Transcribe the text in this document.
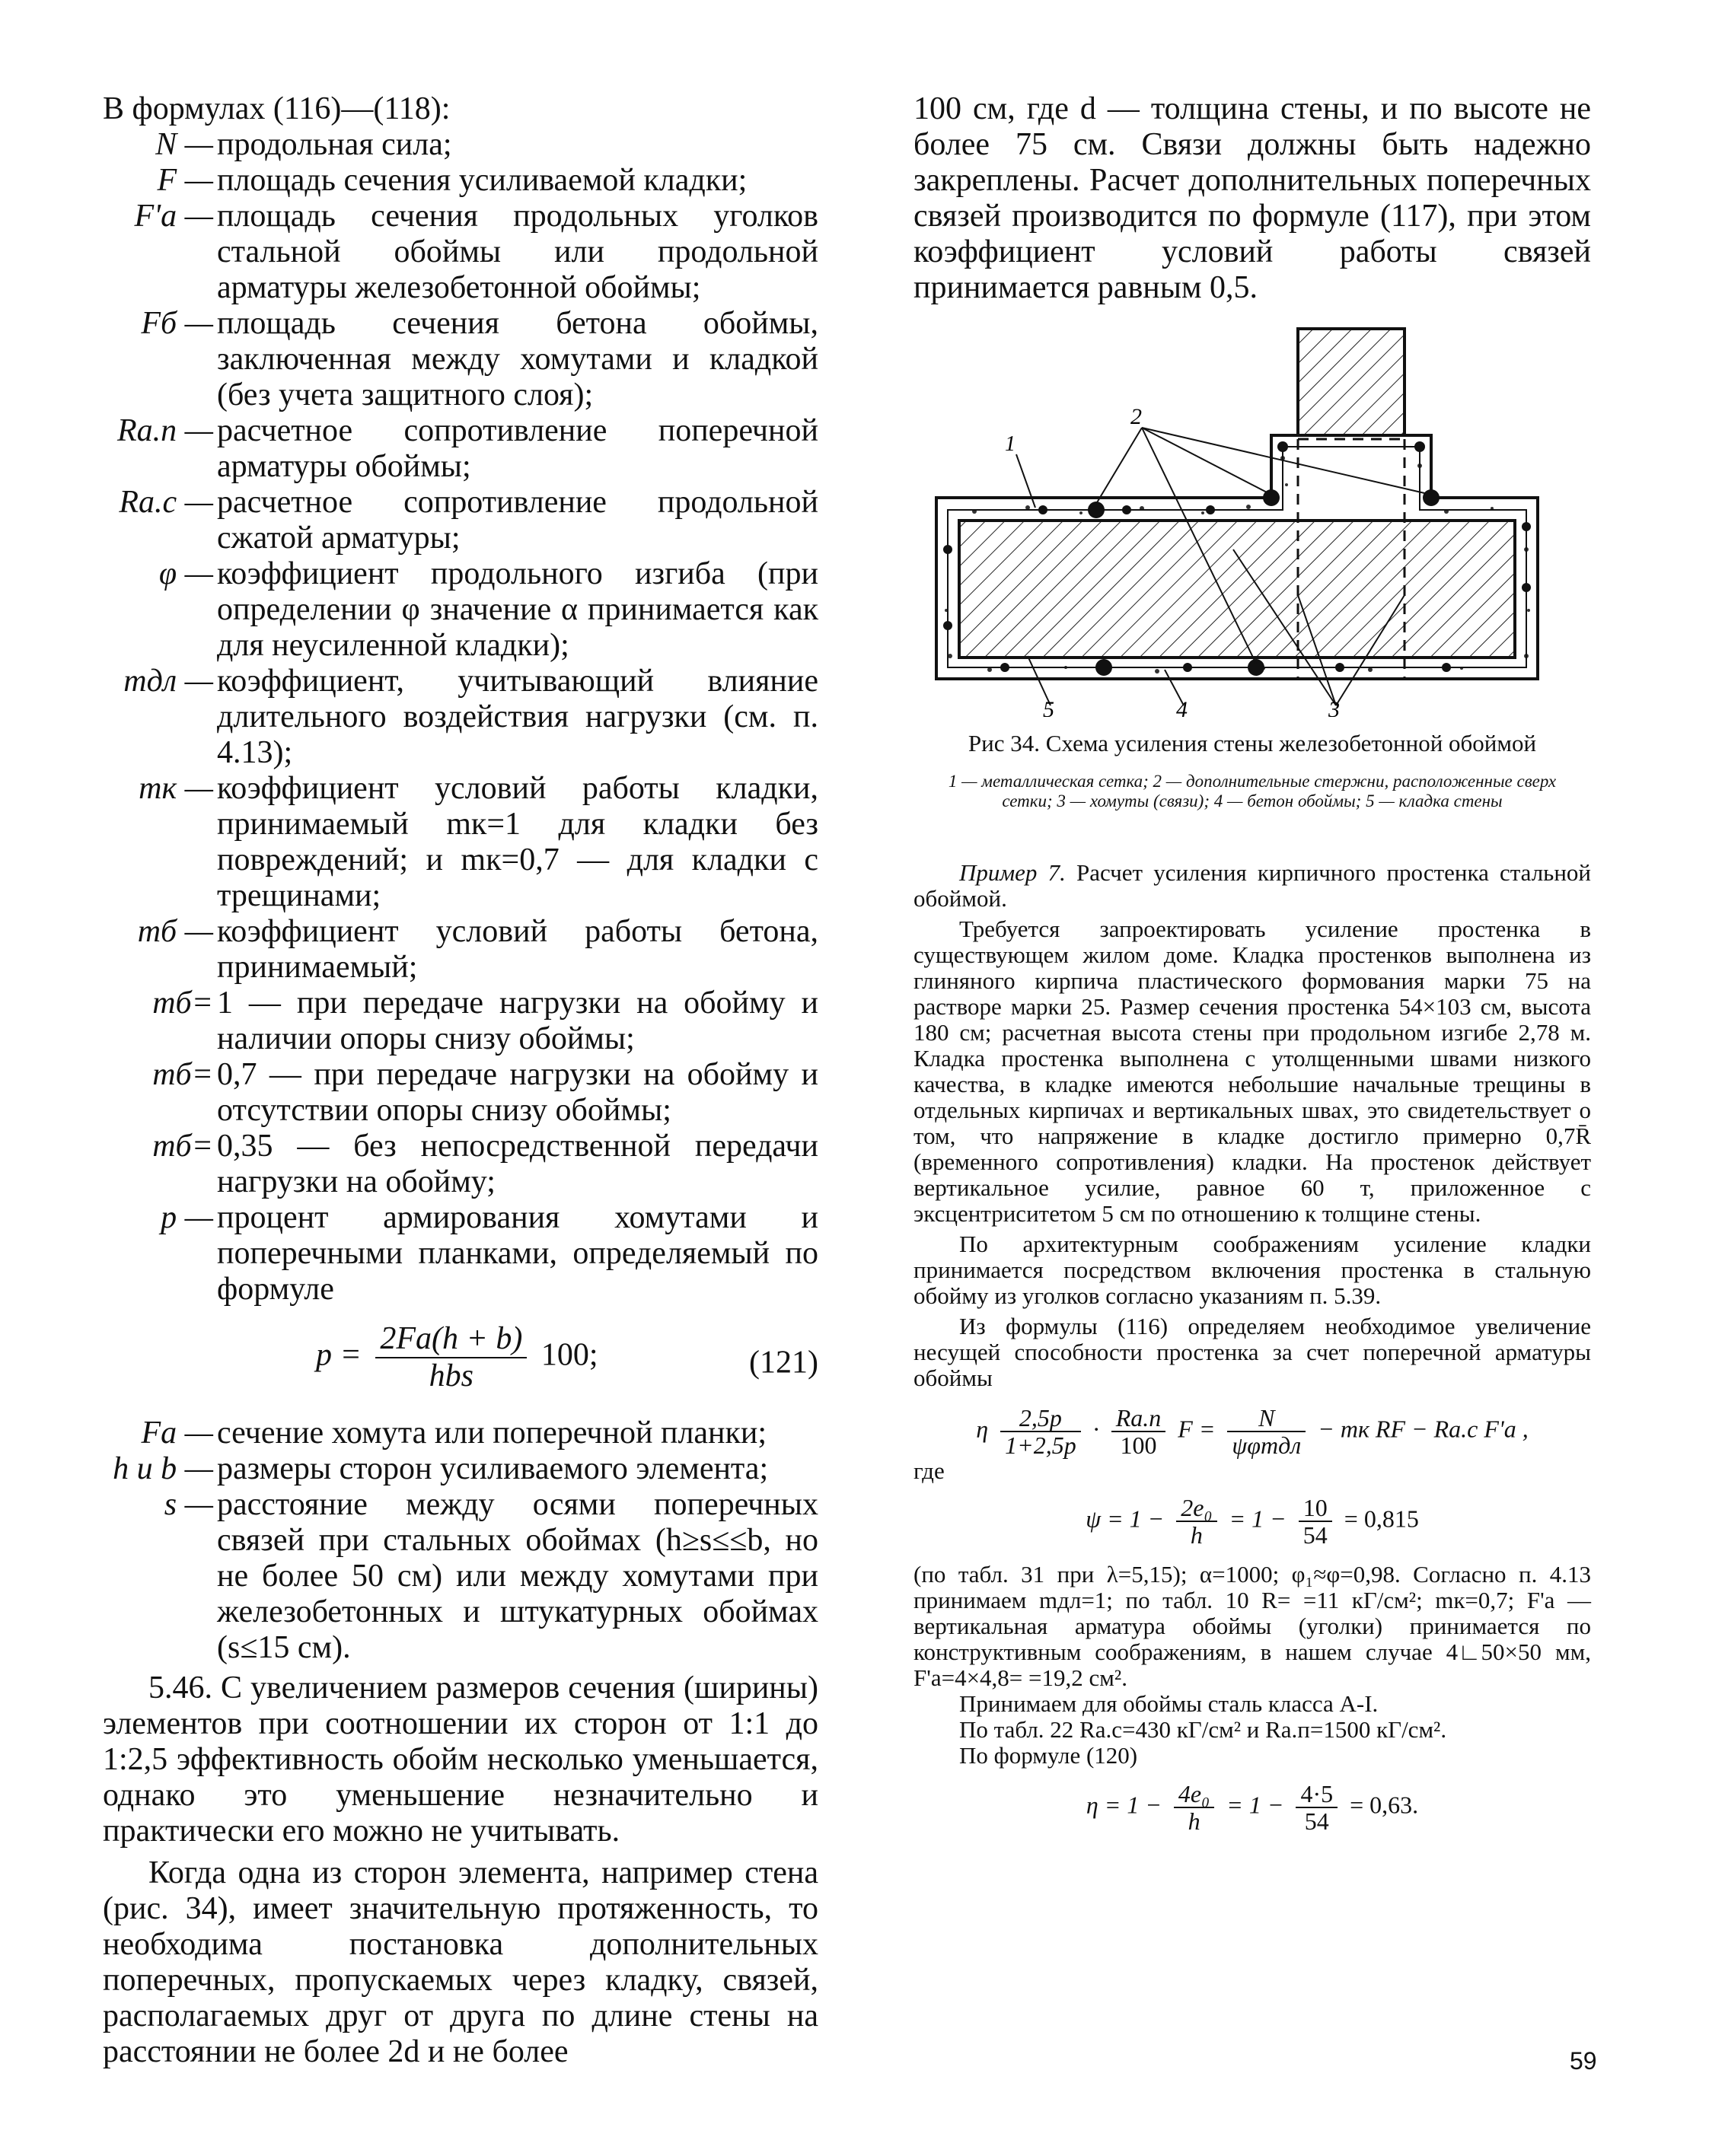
В формулах (116)—(118):

N — продольная сила;
F — площадь сечения усиливаемой кладки;
F'а — площадь сечения продольных уголков стальной обоймы или продольной арматуры железобетонной обоймы;
Fб — площадь сечения бетона обоймы, заключенная между хомутами и кладкой (без учета защитного слоя);
Rа.п — расчетное сопротивление поперечной арматуры обоймы;
Rа.с — расчетное сопротивление продольной сжатой арматуры;
φ — коэффициент продольного изгиба (при определении φ значение α принимается как для неусиленной кладки);
mдл — коэффициент, учитывающий влияние длительного воздействия нагрузки (см. п. 4.13);
mк — коэффициент условий работы кладки, принимаемый mк=1 для кладки без повреждений; и mк=0,7 — для кладки с трещинами;
mб — коэффициент условий работы бетона, принимаемый;
mб= 1 — при передаче нагрузки на обойму и наличии опоры снизу обоймы;
mб= 0,7 — при передаче нагрузки на обойму и отсутствии опоры снизу обоймы;
mб= 0,35 — без непосредственной передачи нагрузки на обойму;
p — процент армирования хомутами и поперечными планками, определяемый по формуле
$p = \frac{2Fа(h + b)}{\text{hbs}} 100$;	(121)
Fа — сечение хомута или поперечной планки;
h и b — размеры сторон усиливаемого элемента;
s — расстояние между осями поперечных связей при стальных обоймах (h≥s≤≤b, но не более 50 см) или между хомутами при железобетонных и штукатурных обоймах (s≤15 см).

5.46. С увеличением размеров сечения (ширины) элементов при соотношении их сторон от 1:1 до 1:2,5 эффективность обойм несколько уменьшается, однако это уменьшение незначительно и практически его можно не учитывать.

Когда одна из сторон элемента, например стена (рис. 34), имеет значительную протяженность, то необходима постановка дополнительных поперечных, пропускаемых через кладку, связей, располагаемых друг от друга по длине стены на расстоянии не более 2d и не более

100 см, где d — толщина стены, и по высоте не более 75 см. Связи должны быть надежно закреплены. Расчет дополнительных поперечных связей производится по формуле (117), при этом коэффициент условий работы связей принимается равным 0,5.

1
2
5	4	3
Рис 34. Схема усиления стены железобетонной обоймой
1 — металлическая сетка; 2 — дополнительные стержни, расположенные сверх сетки; 3 — хомуты (связи); 4 — бетон обоймы; 5 — кладка стены

Пример 7. Расчет усиления кирпичного простенка стальной обоймой.

Требуется запроектировать усиление простенка в существующем жилом доме. Кладка простенков выполнена из глиняного кирпича пластического формования марки 75 на растворе марки 25. Размер сечения простенка 54×103 см, высота 180 см; расчетная высота стены при продольном изгибе 2,78 м. Кладка простенка выполнена с утолщенными швами низкого качества, в кладке имеются небольшие начальные трещины в отдельных кирпичах и вертикальных швах, это свидетельствует о том, что напряжение в кладке достигло примерно 0,7R̄ (временного сопротивления) кладки. На простенок действует вертикальное усилие, равное 60 т, приложенное с эксцентриситетом 5 см по отношению к толщине стены.

По архитектурным соображениям усиление кладки принимается посредством включения простенка в стальную обойму из уголков согласно указаниям п. 5.39.

Из формулы (116) определяем необходимое увеличение несущей способности простенка за счет поперечной арматуры обоймы

η $\frac{2,5p}{1+2,5p} \cdot \frac{Rа.п}{100}$ $F = \frac{N}{\text{ψφmдл}}$ − mк RF − Rа.с F'а ,

где

$\psi = 1 - \frac{\text{2e₀}}{h} = 1 - \frac{10}{54} = 0,815$

(по табл. 31 при λ=5,15); α=1000; φ₁≈φ=0,98. Согласно п. 4.13 принимаем mдл=1; по табл. 10 R= =11 кГ/см²; mк=0,7; F'а — вертикальная арматура обоймы (уголки) принимается по конструктивным соображениям, в нашем случае 4∟50×50 мм, F'а=4×4,8= =19,2 см².

Принимаем для обоймы сталь класса А-I.

По табл. 22 Rа.с=430 кГ/см² и Rа.п=1500 кГ/см².

По формуле (120)

$\eta = 1 - \frac{\text{4e₀}}{h} = 1 - \frac{4\cdot 5}{54} = 0,63$.
59
